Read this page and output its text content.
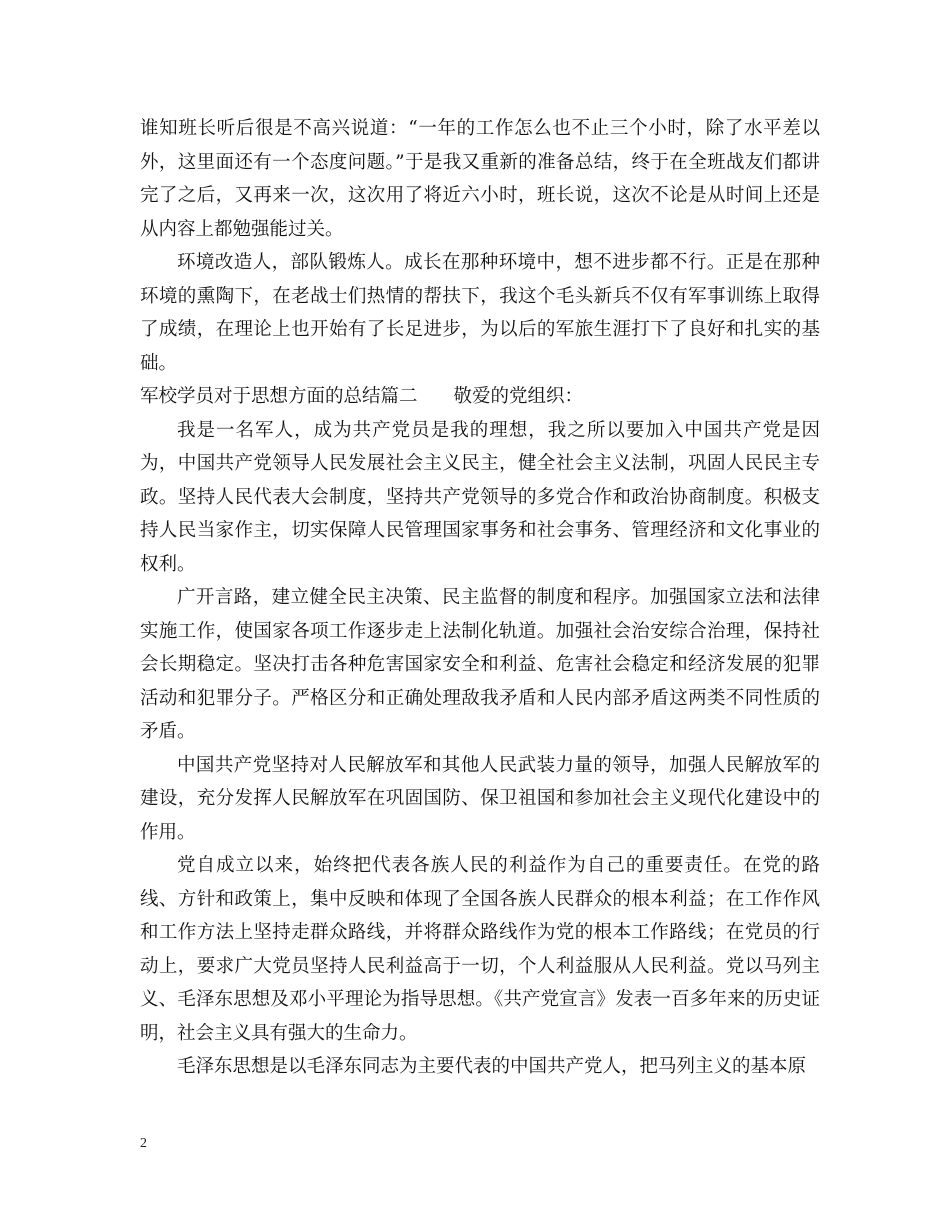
谁知班长听后很是不高兴说道：“一年的工作怎么也不止三个小时，除了水平差以外，这里面还有一个态度问题。”于是我又重新的准备总结，终于在全班战友们都讲完了之后，又再来一次，这次用了将近六小时，班长说，这次不论是从时间上还是从内容上都勉强能过关。

环境改造人，部队锻炼人。成长在那种环境中，想不进步都不行。正是在那种环境的熏陶下，在老战士们热情的帮扶下，我这个毛头新兵不仅有军事训练上取得了成绩，在理论上也开始有了长足进步，为以后的军旅生涯打下了良好和扎实的基础。

军校学员对于思想方面的总结篇二 敬爱的党组织：

我是一名军人，成为共产党员是我的理想，我之所以要加入中国共产党是因为，中国共产党领导人民发展社会主义民主，健全社会主义法制，巩固人民民主专政。坚持人民代表大会制度，坚持共产党领导的多党合作和政治协商制度。积极支持人民当家作主，切实保障人民管理国家事务和社会事务、管理经济和文化事业的权利。

广开言路，建立健全民主决策、民主监督的制度和程序。加强国家立法和法律实施工作，使国家各项工作逐步走上法制化轨道。加强社会治安综合治理，保持社会长期稳定。坚决打击各种危害国家安全和利益、危害社会稳定和经济发展的犯罪活动和犯罪分子。严格区分和正确处理敌我矛盾和人民内部矛盾这两类不同性质的矛盾。

中国共产党坚持对人民解放军和其他人民武装力量的领导，加强人民解放军的建设，充分发挥人民解放军在巩固国防、保卫祖国和参加社会主义现代化建设中的作用。

党自成立以来，始终把代表各族人民的利益作为自己的重要责任。在党的路线、方针和政策上，集中反映和体现了全国各族人民群众的根本利益；在工作作风和工作方法上坚持走群众路线，并将群众路线作为党的根本工作路线；在党员的行动上，要求广大党员坚持人民利益高于一切，个人利益服从人民利益。党以马列主义、毛泽东思想及邓小平理论为指导思想。《共产党宣言》发表一百多年来的历史证明，社会主义具有强大的生命力。

毛泽东思想是以毛泽东同志为主要代表的中国共产党人，把马列主义的基本原

2
